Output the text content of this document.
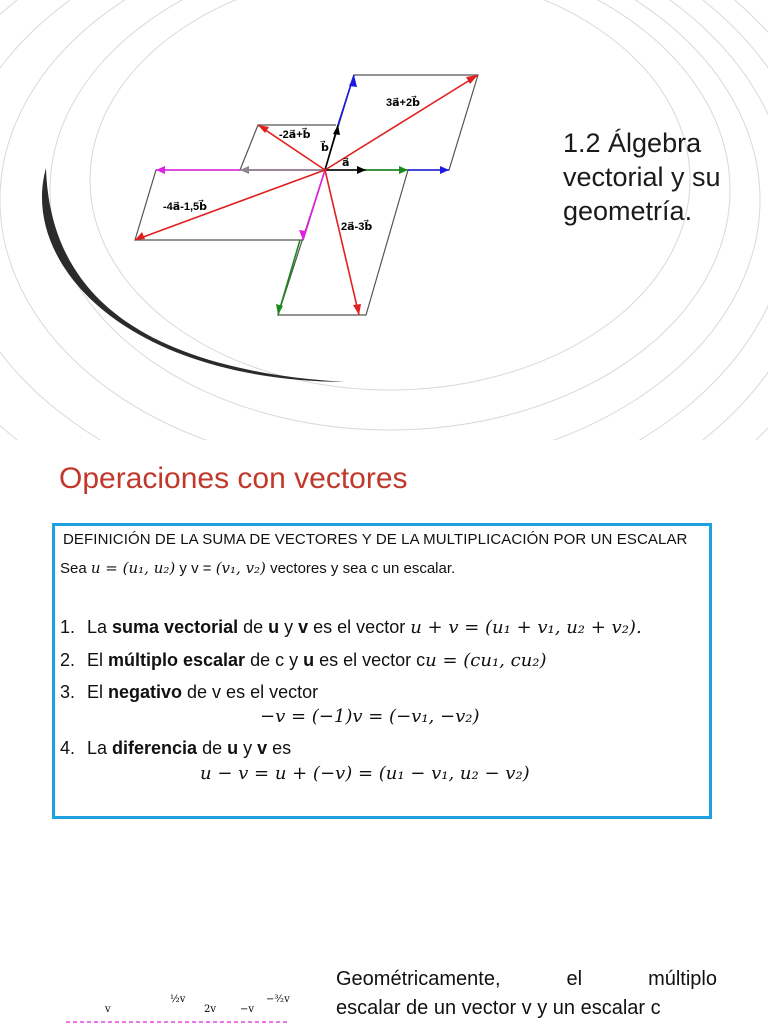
3a⃗+2b⃗
-2a⃗+b⃗
b⃗
a⃗
-4a⃗-1,5b⃗
2a⃗-3b⃗
1.2 Álgebra
vectorial y su
geometría.
Operaciones con vectores
DEFINICIÓN DE LA SUMA DE VECTORES Y DE LA MULTIPLICACIÓN POR UN ESCALAR
Sea u = (u₁, u₂) y v = (v₁, v₂) vectores y sea c un escalar.
1. La suma vectorial de u y v es el vector u + v = (u₁ + v₁, u₂ + v₂).
2. El múltiplo escalar de c y u es el vector cu = (cu₁, cu₂)
3. El negativo de v es el vector
−v = (−1)v = (−v₁, −v₂)
4. La diferencia de u y v es
u − v = u + (−v) = (u₁ − v₁, u₂ − v₂)
Geométricamente,	el	múltiplo
escalar de un vector v y un escalar c
v
½v
2v −v
−³⁄₂v
